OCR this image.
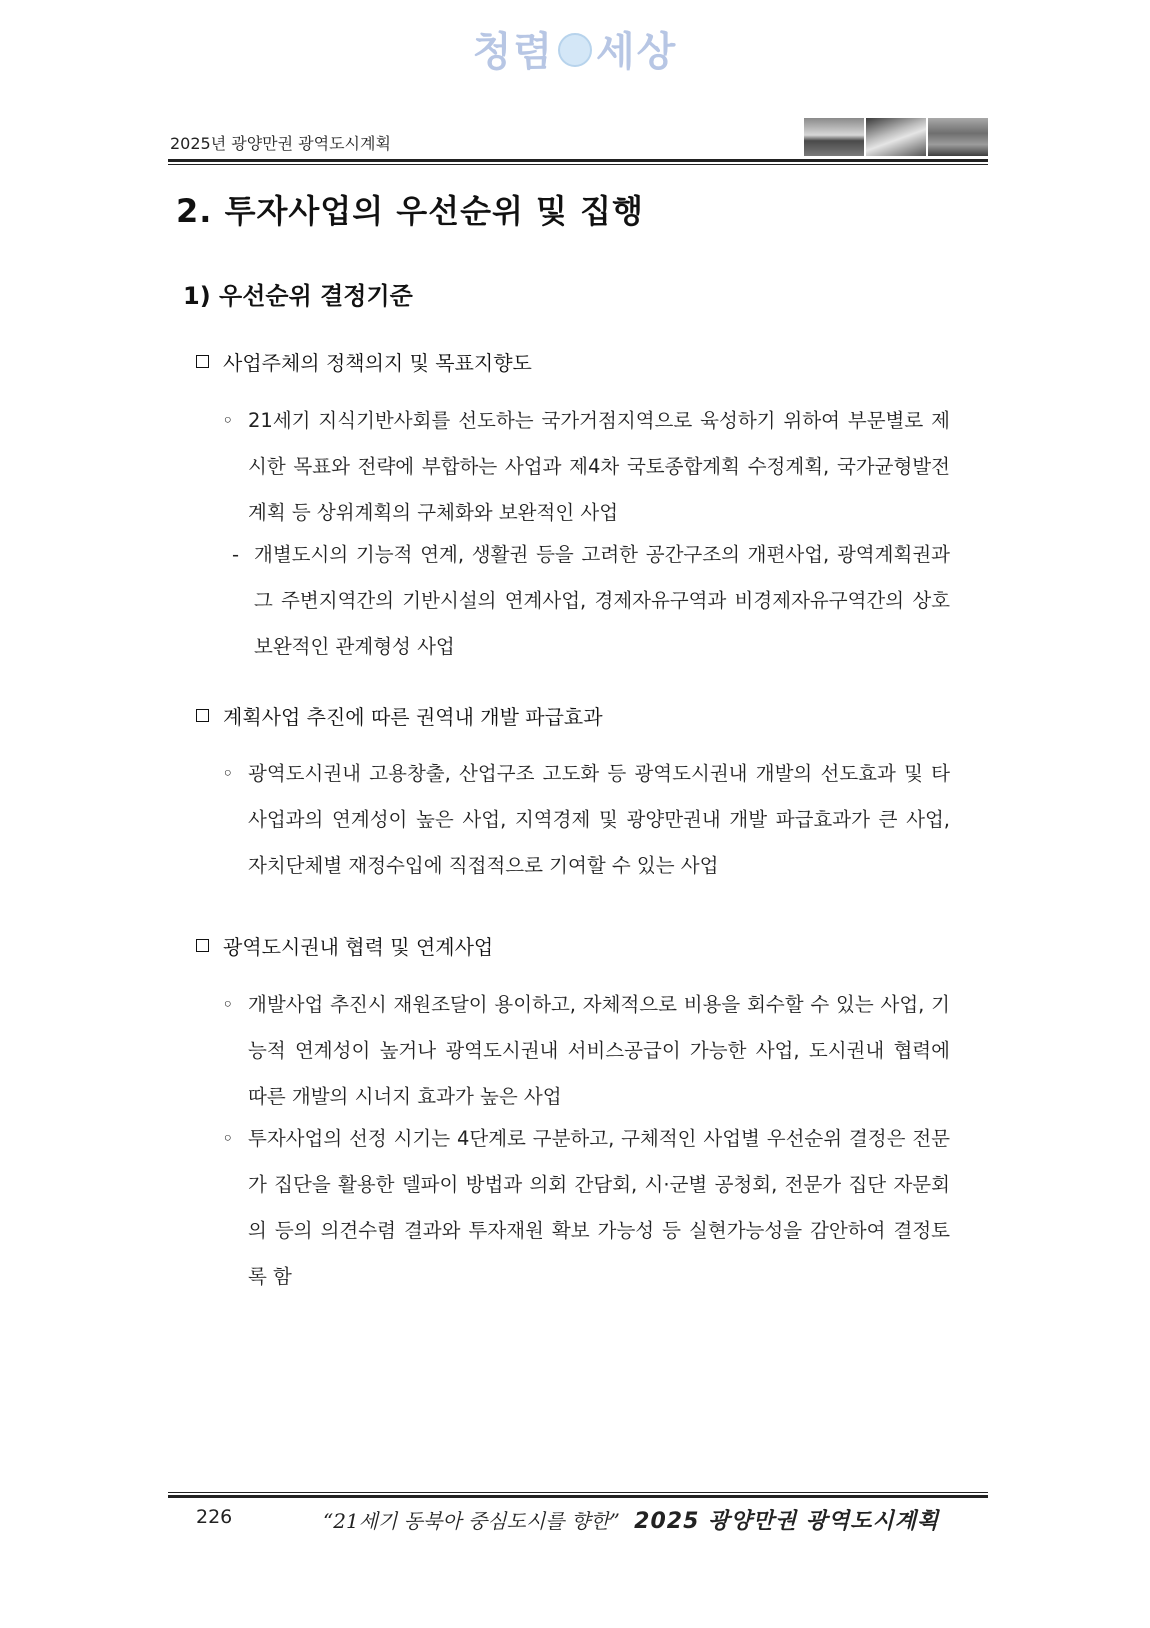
청렴 세상
2025년 광양만권 광역도시계획
2. 투자사업의 우선순위 및 집행
1) 우선순위 결정기준
사업주체의 정책의지 및 목표지향도
◦ 21세기 지식기반사회를 선도하는 국가거점지역으로 육성하기 위하여 부문별로 제시한 목표와 전략에 부합하는 사업과 제4차 국토종합계획 수정계획, 국가균형발전계획 등 상위계획의 구체화와 보완적인 사업
- 개별도시의 기능적 연계, 생활권 등을 고려한 공간구조의 개편사업, 광역계획권과 그 주변지역간의 기반시설의 연계사업, 경제자유구역과 비경제자유구역간의 상호보완적인 관계형성 사업
계획사업 추진에 따른 권역내 개발 파급효과
◦ 광역도시권내 고용창출, 산업구조 고도화 등 광역도시권내 개발의 선도효과 및 타 사업과의 연계성이 높은 사업, 지역경제 및 광양만권내 개발 파급효과가 큰 사업, 자치단체별 재정수입에 직접적으로 기여할 수 있는 사업
광역도시권내 협력 및 연계사업
◦ 개발사업 추진시 재원조달이 용이하고, 자체적으로 비용을 회수할 수 있는 사업, 기능적 연계성이 높거나 광역도시권내 서비스공급이 가능한 사업, 도시권내 협력에 따른 개발의 시너지 효과가 높은 사업
◦ 투자사업의 선정 시기는 4단계로 구분하고, 구체적인 사업별 우선순위 결정은 전문가 집단을 활용한 델파이 방법과 의회 간담회, 시·군별 공청회, 전문가 집단 자문회의 등의 의견수렴 결과와 투자재원 확보 가능성 등 실현가능성을 감안하여 결정토록 함
226	“21세기 동북아 중심도시를 향한” 2025 광양만권 광역도시계획
